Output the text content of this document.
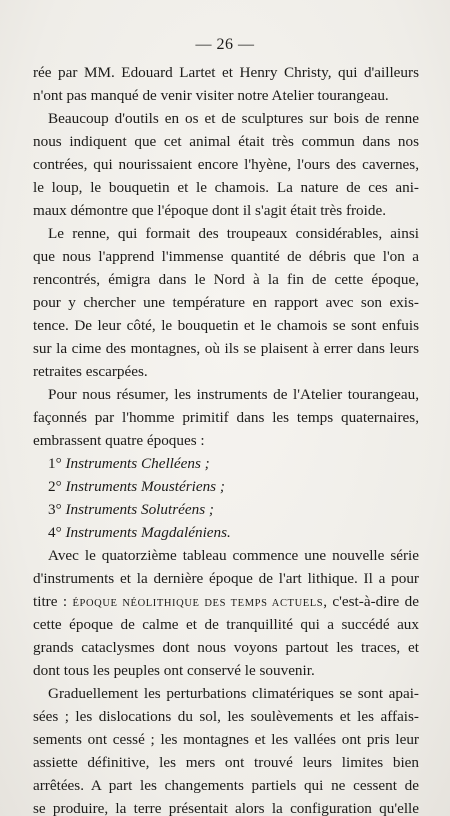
— 26 —
rée par MM. Edouard Lartet et Henry Christy, qui d'ailleurs
n'ont pas manqué de venir visiter notre Atelier tourangeau.
Beaucoup d'outils en os et de sculptures sur bois de renne
nous indiquent que cet animal était très commun dans nos
contrées, qui nourissaient encore l'hyène, l'ours des cavernes,
le loup, le bouquetin et le chamois. La nature de ces ani-
maux démontre que l'époque dont il s'agit était très froide.
Le renne, qui formait des troupeaux considérables, ainsi
que nous l'apprend l'immense quantité de débris que l'on a
rencontrés, émigra dans le Nord à la fin de cette époque,
pour y chercher une température en rapport avec son exis-
tence. De leur côté, le bouquetin et le chamois se sont enfuis
sur la cime des montagnes, où ils se plaisent à errer dans leurs
retraites escarpées.
Pour nous résumer, les instruments de l'Atelier tourangeau,
façonnés par l'homme primitif dans les temps quaternaires,
embrassent quatre époques :
1° Instruments Chelléens ;
2° Instruments Moustériens ;
3° Instruments Solutréens ;
4° Instruments Magdaléniens.
Avec le quatorzième tableau commence une nouvelle série
d'instruments et la dernière époque de l'art lithique. Il a pour
titre : ÉPOQUE NÉOLITHIQUE DES TEMPS ACTUELS, c'est-à-dire de
cette époque de calme et de tranquillité qui a succédé aux
grands cataclysmes dont nous voyons partout les traces, et
dont tous les peuples ont conservé le souvenir.
Graduellement les perturbations climatériques se sont apai-
sées ; les dislocations du sol, les soulèvements et les affais-
sements ont cessé ; les montagnes et les vallées ont pris leur
assiette définitive, les mers ont trouvé leurs limites bien
arrêtées. A part les changements partiels qui ne cessent de
se produire, la terre présentait alors la configuration qu'elle
